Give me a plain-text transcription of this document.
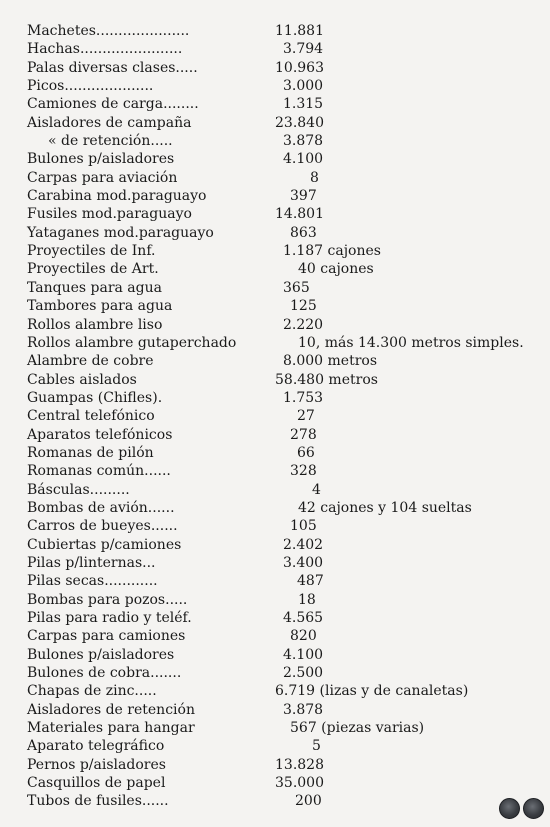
Machetes.....................	11.881
Hachas.......................	3.794
Palas diversas clases.....	10.963
Picos....................	3.000
Camiones de carga........	1.315
Aisladores de campaña	23.840
« de retención.....	3.878
Bulones p/aisladores	4.100
Carpas para aviación	8
Carabina mod.paraguayo	397
Fusiles mod.paraguayo	14.801
Yataganes mod.paraguayo	863
Proyectiles de Inf.	1.187 cajones
Proyectiles de Art.	40 cajones
Tanques para agua	365
Tambores para agua	125
Rollos alambre liso	2.220
Rollos alambre gutaperchado	10, más 14.300 metros simples.
Alambre de cobre	8.000 metros
Cables aislados	58.480 metros
Guampas (Chifles).	1.753
Central telefónico	27
Aparatos telefónicos	278
Romanas de pilón	66
Romanas común......	328
Básculas.........	4
Bombas de avión......	42 cajones y 104 sueltas
Carros de bueyes......	105
Cubiertas p/camiones	2.402
Pilas p/linternas...	3.400
Pilas secas............	487
Bombas para pozos.....	18
Pilas para radio y teléf.	4.565
Carpas para camiones	820
Bulones p/aisladores	4.100
Bulones de cobra.......	2.500
Chapas de zinc.....	6.719 (lizas y de canaletas)
Aisladores de retención	3.878
Materiales para hangar	567 (piezas varias)
Aparato telegráfico	5
Pernos p/aisladores	13.828
Casquillos de papel	35.000
Tubos de fusiles......	200
